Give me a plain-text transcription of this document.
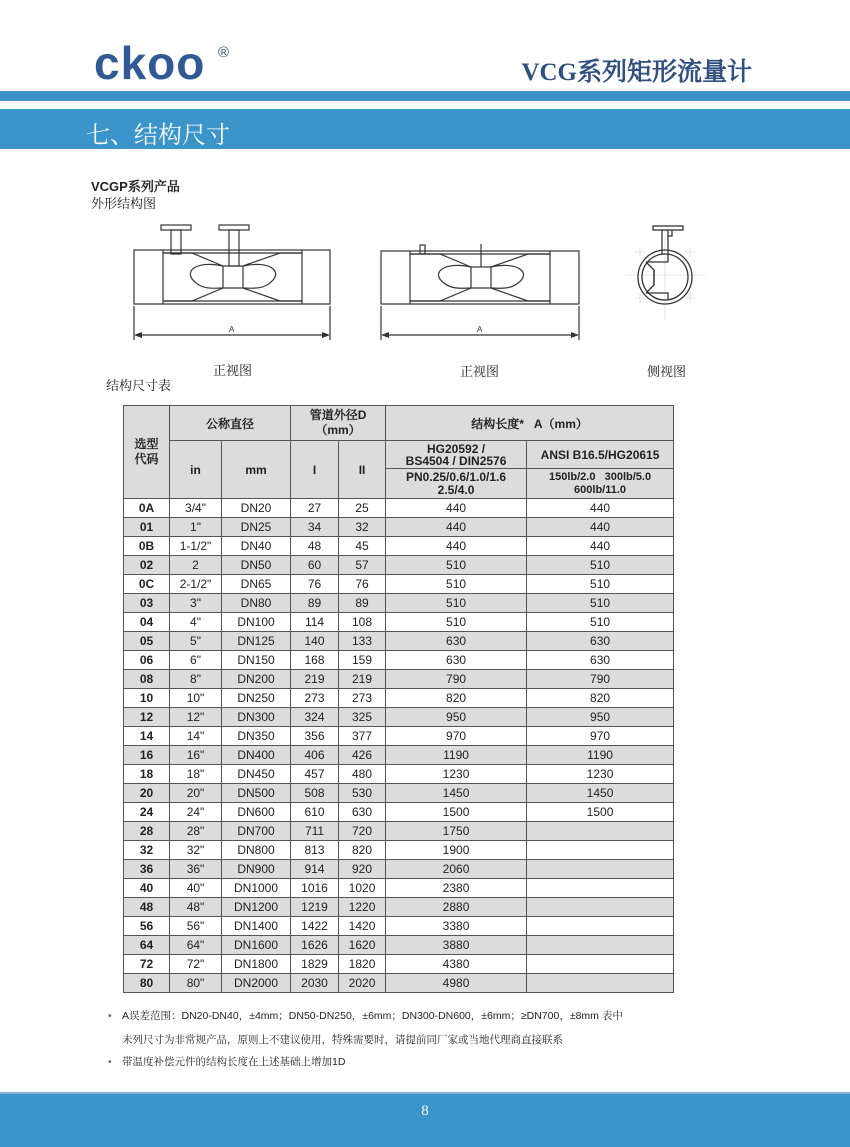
ckoo ®
VCG系列矩形流量计
七、结构尺寸
VCGP系列产品
外形结构图
A
正视图
A
正视图	侧视图
结构尺寸表
选型代码	公称直径		管道外径D（mm）		结构长度*   A（mm）	
	in	mm	I	II	HG20592 / BS4504 / DIN2576	ANSI B16.5/HG20615
					PN0.25/0.6/1.0/1.6 2.5/4.0	150lb/2.0   300lb/5.0 600lb/11.0
0A	3/4"	DN20	27	25	440	440
01	1"	DN25	34	32	440	440
0B	1-1/2"	DN40	48	45	440	440
02	2	DN50	60	57	510	510
0C	2-1/2"	DN65	76	76	510	510
03	3"	DN80	89	89	510	510
04	4"	DN100	114	108	510	510
05	5"	DN125	140	133	630	630
06	6"	DN150	168	159	630	630
08	8"	DN200	219	219	790	790
10	10"	DN250	273	273	820	820
12	12"	DN300	324	325	950	950
14	14"	DN350	356	377	970	970
16	16"	DN400	406	426	1190	1190
18	18"	DN450	457	480	1230	1230
20	20"	DN500	508	530	1450	1450
24	24"	DN600	610	630	1500	1500
28	28"	DN700	711	720	1750	
32	32"	DN800	813	820	1900	
36	36"	DN900	914	920	2060	
40	40"	DN1000	1016	1020	2380	
48	48"	DN1200	1219	1220	2880	
56	56"	DN1400	1422	1420	3380	
64	64"	DN1600	1626	1620	3880	
72	72"	DN1800	1829	1820	4380	
80	80"	DN2000	2030	2020	4980	
• A误差范围：DN20-DN40，±4mm；DN50-DN250，±6mm；DN300-DN600，±6mm；≥DN700，±8mm 表中
未列尺寸为非常规产品，原则上不建议使用，特殊需要时，请提前同厂家或当地代理商直接联系
• 带温度补偿元件的结构长度在上述基础上增加1D
8
